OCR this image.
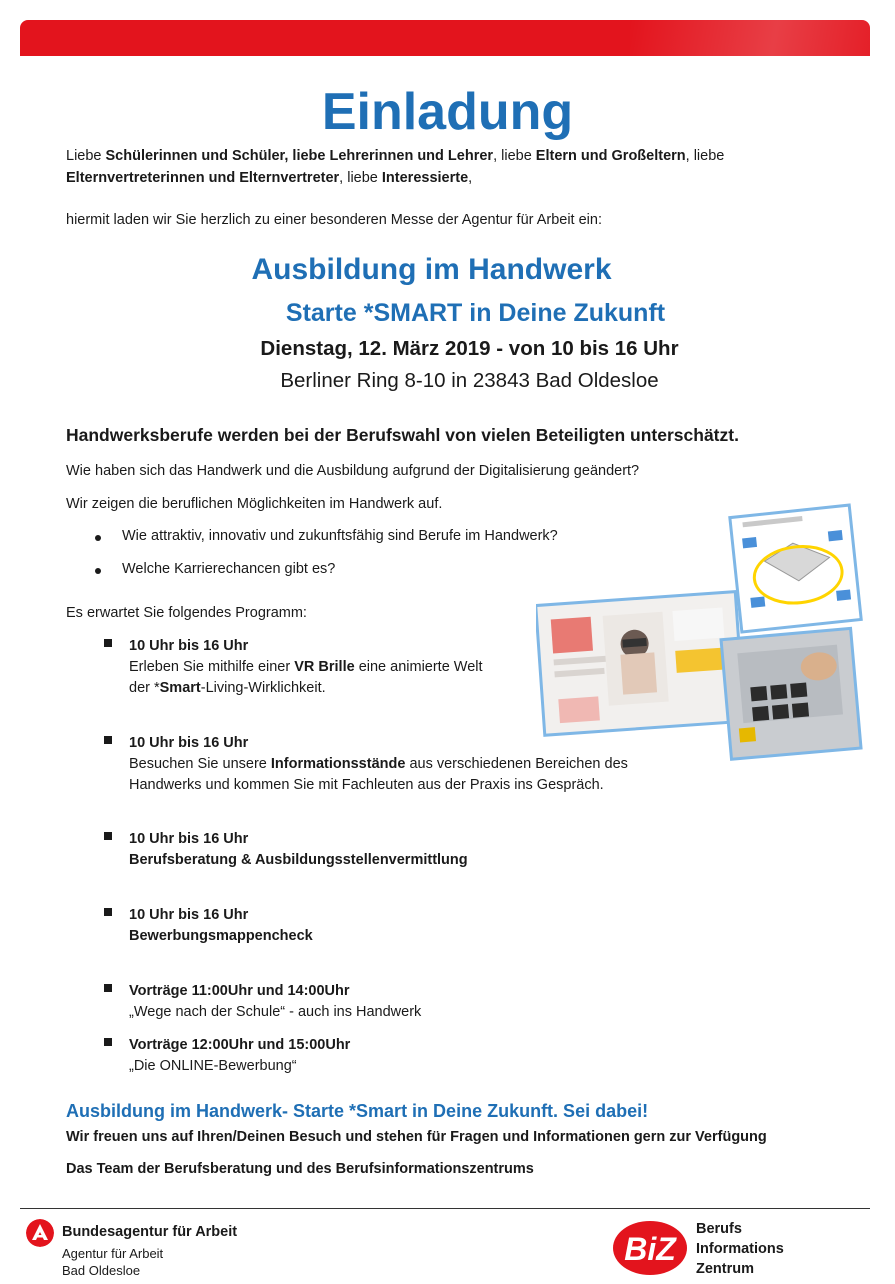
Einladung

Liebe Schülerinnen und Schüler, liebe Lehrerinnen und Lehrer, liebe Eltern und Großeltern, liebe

Elternvertreterinnen und Elternvertreter, liebe Interessierte,

hiermit laden wir Sie herzlich zu einer besonderen Messe der Agentur für Arbeit ein:

Ausbildung im Handwerk

Starte *SMART in Deine Zukunft

Dienstag, 12. März 2019 - von 10 bis 16 Uhr

Berliner Ring 8-10 in 23843 Bad Oldesloe

Handwerksberufe werden bei der Berufswahl von vielen Beteiligten unterschätzt.

Wie haben sich das Handwerk und die Ausbildung aufgrund der Digitalisierung geändert?

Wir zeigen die beruflichen Möglichkeiten im Handwerk auf.

Wie attraktiv, innovativ und zukunftsfähig sind Berufe im Handwerk?
Welche Karrierechancen gibt es?

Es erwartet Sie folgendes Programm:

10 Uhr bis 16 Uhr
Erleben Sie mithilfe einer VR Brille eine animierte Welt
der *Smart-Living-Wirklichkeit.
10 Uhr bis 16 Uhr
Besuchen Sie unsere Informationsstände aus verschiedenen Bereichen des
Handwerks und kommen Sie mit Fachleuten aus der Praxis ins Gespräch.
10 Uhr bis 16 Uhr
Berufsberatung & Ausbildungsstellenvermittlung
10 Uhr bis 16 Uhr
Bewerbungsmappencheck
Vorträge 11:00Uhr und 14:00Uhr
„Wege nach der Schule“ - auch ins Handwerk
Vorträge 12:00Uhr und 15:00Uhr
„Die ONLINE-Bewerbung“

Ausbildung im Handwerk- Starte *Smart in Deine Zukunft. Sei dabei!

Wir freuen uns auf Ihren/Deinen Besuch und stehen für Fragen und Informationen gern zur Verfügung

Das Team der Berufsberatung und des Berufsinformationszentrums

Bundesagentur für Arbeit
Agentur für Arbeit
Bad Oldesloe
BiZ
Berufs
Informations
Zentrum
